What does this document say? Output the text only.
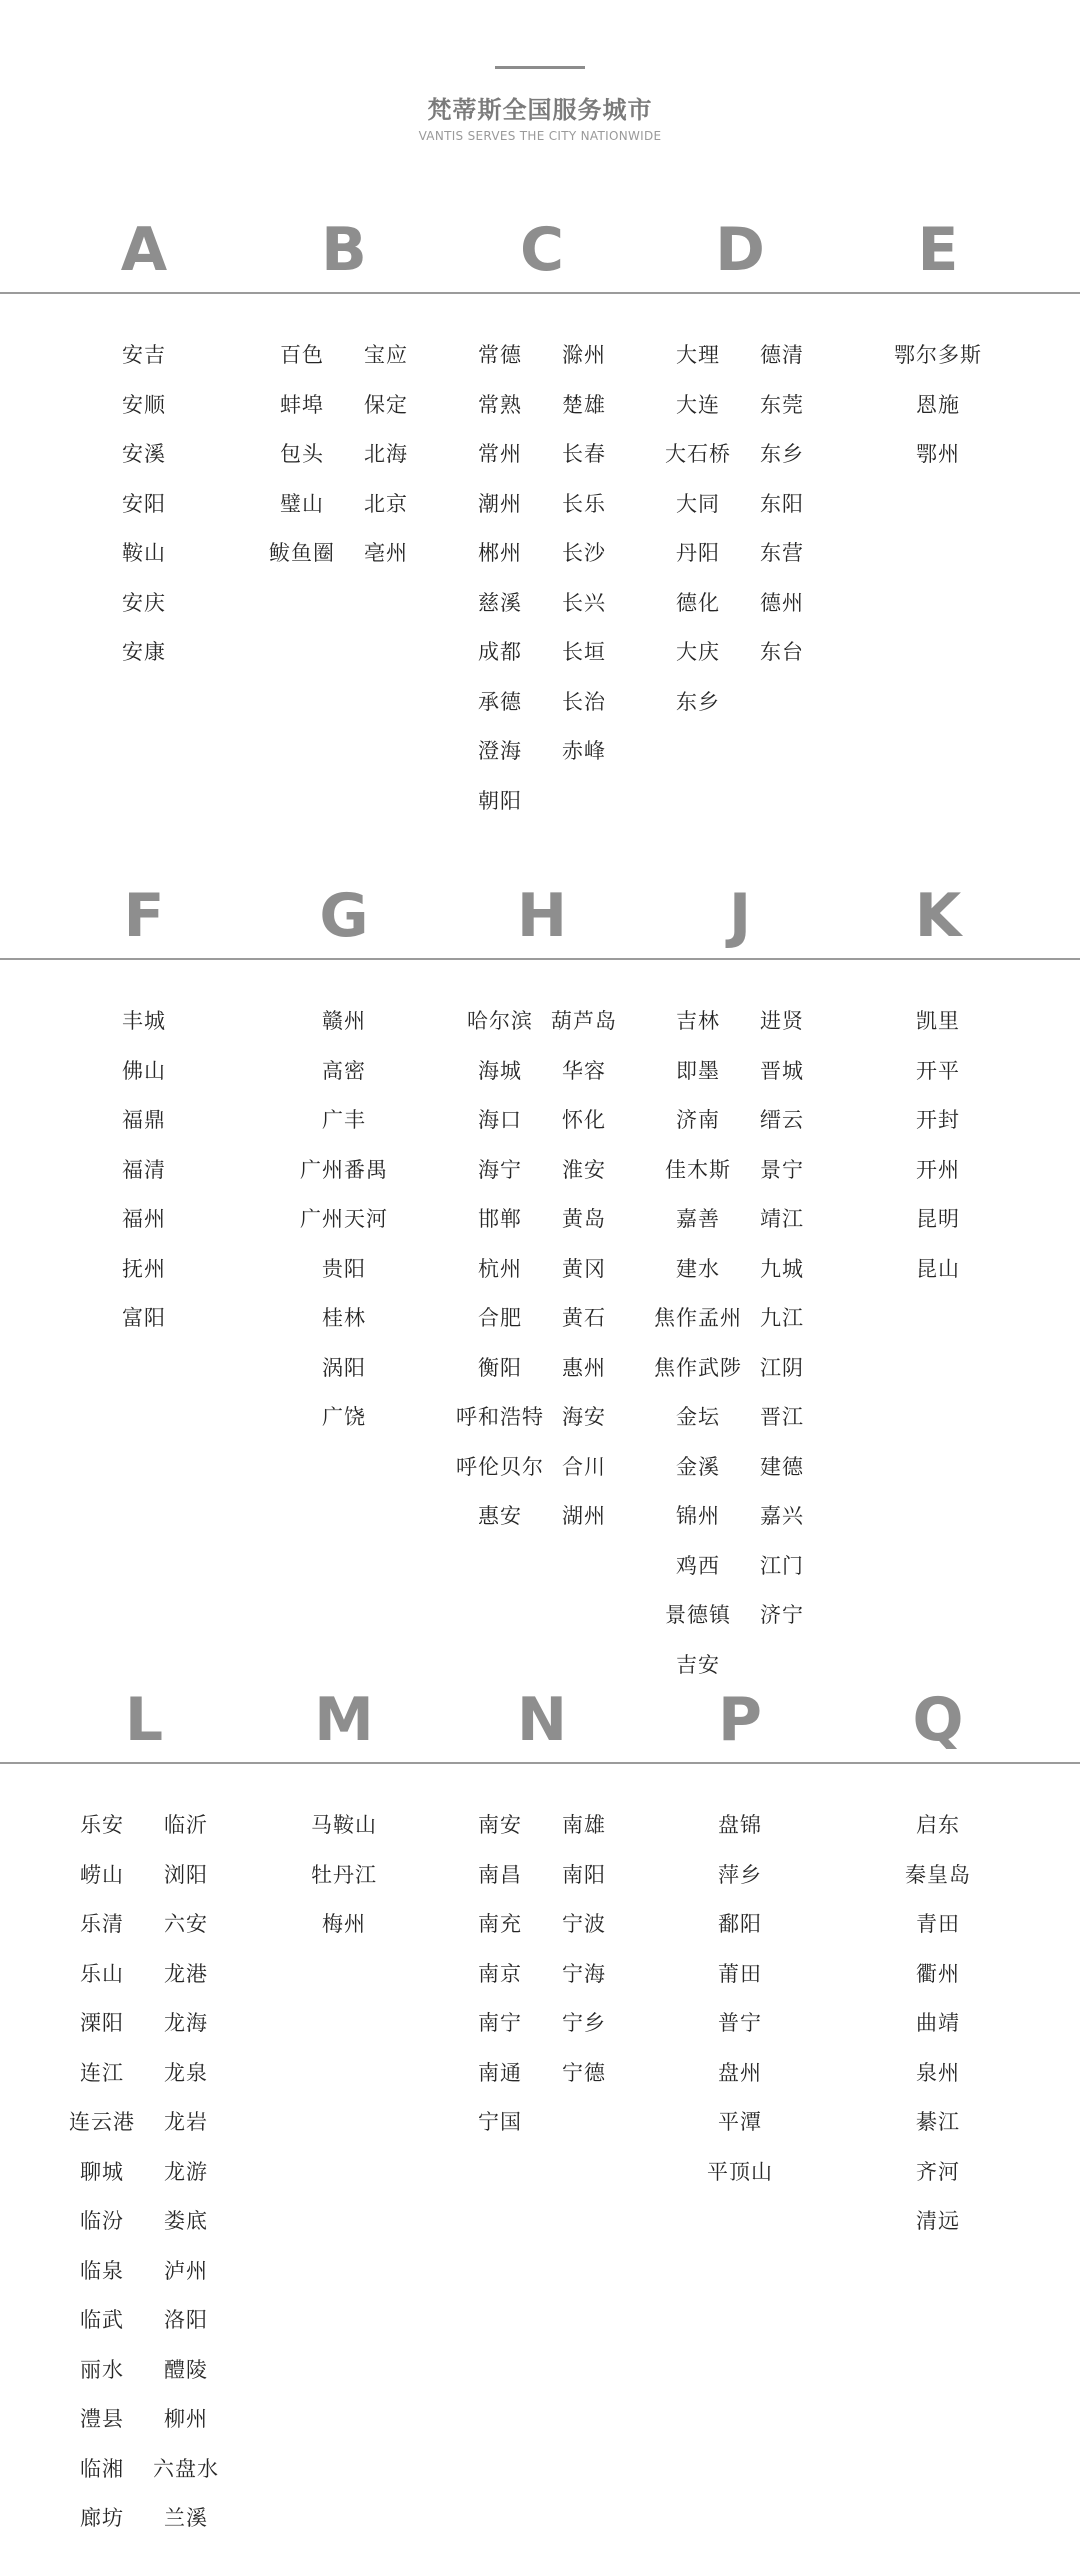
梵蒂斯全国服务城市
VANTIS SERVES THE CITY NATIONWIDE
A
安吉
安顺
安溪
安阳
鞍山
安庆
安康
B
百色 宝应
蚌埠 保定
包头 北海
璧山 北京
鲅鱼圈 亳州
C
常德 滁州
常熟 楚雄
常州 长春
潮州 长乐
郴州 长沙
慈溪 长兴
成都 长垣
承德 长治
澄海 赤峰
朝阳
D
大理 德清
大连 东莞
大石桥 东乡
大同 东阳
丹阳 东营
德化 德州
大庆 东台
东乡
E
鄂尔多斯
恩施
鄂州
F
丰城
佛山
福鼎
福清
福州
抚州
富阳
G
赣州
高密
广丰
广州番禺
广州天河
贵阳
桂林
涡阳
广饶
H
哈尔滨 葫芦岛
海城 华容
海口 怀化
海宁 淮安
邯郸 黄岛
杭州 黄冈
合肥 黄石
衡阳 惠州
呼和浩特 海安
呼伦贝尔 合川
惠安 湖州
J
吉林 进贤
即墨 晋城
济南 缙云
佳木斯 景宁
嘉善 靖江
建水 九城
焦作孟州 九江
焦作武陟 江阴
金坛 晋江
金溪 建德
锦州 嘉兴
鸡西 江门
景德镇 济宁
吉安
K
凯里
开平
开封
开州
昆明
昆山
L
乐安 临沂
崂山 浏阳
乐清 六安
乐山 龙港
溧阳 龙海
连江 龙泉
连云港 龙岩
聊城 龙游
临汾 娄底
临泉 泸州
临武 洛阳
丽水 醴陵
澧县 柳州
临湘 六盘水
廊坊 兰溪
M
马鞍山
牡丹江
梅州
N
南安 南雄
南昌 南阳
南充 宁波
南京 宁海
南宁 宁乡
南通 宁德
宁国
P
盘锦
萍乡
鄱阳
莆田
普宁
盘州
平潭
平顶山
Q
启东
秦皇岛
青田
衢州
曲靖
泉州
綦江
齐河
清远
